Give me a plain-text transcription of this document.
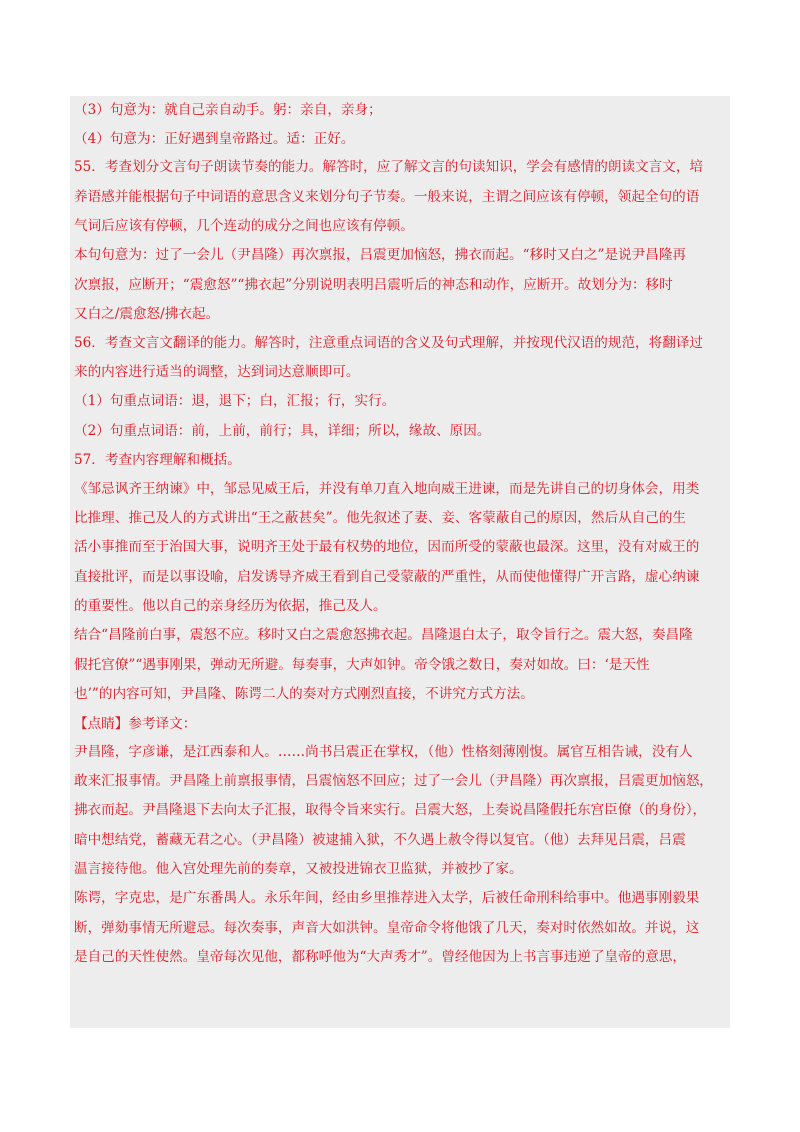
（3）句意为：就自己亲自动手。躬：亲自，亲身；
（4）句意为：正好遇到皇帝路过。适：正好。
55．考查划分文言句子朗读节奏的能力。解答时，应了解文言的句读知识，学会有感情的朗读文言文，培
养语感并能根据句子中词语的意思含义来划分句子节奏。一般来说，主谓之间应该有停顿，领起全句的语
气词后应该有停顿，几个连动的成分之间也应该有停顿。
本句句意为：过了一会儿（尹昌隆）再次禀报，吕震更加恼怒，拂衣而起。“移时又白之”是说尹昌隆再
次禀报，应断开；“震愈怒”“拂衣起”分别说明表明吕震听后的神态和动作，应断开。故划分为：移时
又白之/震愈怒/拂衣起。
56．考查文言文翻译的能力。解答时，注意重点词语的含义及句式理解，并按现代汉语的规范，将翻译过
来的内容进行适当的调整，达到词达意顺即可。
（1）句重点词语：退，退下；白，汇报；行，实行。
（2）句重点词语：前，上前，前行；具，详细；所以，缘故、原因。
57．考查内容理解和概括。
《邹忌讽齐王纳谏》中，邹忌见威王后，并没有单刀直入地向威王进谏，而是先讲自己的切身体会，用类
比推理、推己及人的方式讲出“王之蔽甚矣”。他先叙述了妻、妾、客蒙蔽自己的原因，然后从自己的生
活小事推而至于治国大事，说明齐王处于最有权势的地位，因而所受的蒙蔽也最深。这里，没有对威王的
直接批评，而是以事设喻，启发诱导齐威王看到自己受蒙蔽的严重性，从而使他懂得广开言路，虚心纳谏
的重要性。他以自己的亲身经历为依据，推己及人。
结合“昌隆前白事，震怒不应。移时又白之震愈怒拂衣起。昌隆退白太子，取令旨行之。震大怒，奏昌隆
假托宫僚”“遇事刚果，弹动无所避。每奏事，大声如钟。帝令饿之数日，奏对如故。曰：‘是天性
也’”的内容可知，尹昌隆、陈谔二人的奏对方式刚烈直接，不讲究方式方法。
【点睛】参考译文：
尹昌隆，字彦谦，是江西泰和人。……尚书吕震正在掌权，（他）性格刻薄刚愎。属官互相告诫，没有人
敢来汇报事情。尹昌隆上前禀报事情，吕震恼怒不回应；过了一会儿（尹昌隆）再次禀报，吕震更加恼怒，
拂衣而起。尹昌隆退下去向太子汇报，取得令旨来实行。吕震大怒，上奏说昌隆假托东宫臣僚（的身份），
暗中想结党，蓄藏无君之心。（尹昌隆）被逮捕入狱，不久遇上赦令得以复官。（他）去拜见吕震，吕震
温言接待他。他入宫处理先前的奏章，又被投进锦衣卫监狱，并被抄了家。
陈谔，字克忠，是广东番禺人。永乐年间，经由乡里推荐进入太学，后被任命刑科给事中。他遇事刚毅果
断，弹劾事情无所避忌。每次奏事，声音大如洪钟。皇帝命令将他饿了几天，奏对时依然如故。并说，这
是自己的天性使然。皇帝每次见他，都称呼他为“大声秀才”。曾经他因为上书言事违逆了皇帝的意思，
